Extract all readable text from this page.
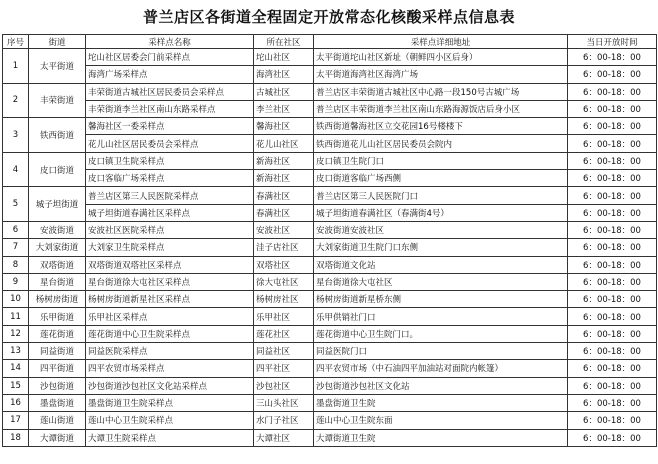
普兰店区各街道全程固定开放常态化核酸采样点信息表
序号	街道	采样点名称	所在社区	采样点详细地址	当日开放时间
1	太平街道	坨山社区居委会门前采样点	坨山社区	太平街道坨山社区新址（朝鲜四小区后身）	6：00-18：00
		海湾广场采样点	海湾社区	太平街道海湾社区海湾广场	6：00-18：00
2	丰荣街道	丰荣街道古城社区居民委员会采样点	古城社区	普兰店区丰荣街道古城社区中心路一段150号古城广场	6：00-18：00
		丰荣街道李兰社区南山东路采样点	李兰社区	普兰店区丰荣街道李兰社区南山东路海源饭店后身小区	6：00-18：00
3	铁西街道	馨海社区一委采样点	馨海社区	铁西街道馨海社区立交花园16号楼楼下	6：00-18：00
		花儿山社区居民委员会采样点	花儿山社区	铁西街道花儿山社区居民委员会院内	6：00-18：00
4	皮口街道	皮口镇卫生院采样点	新海社区	皮口镇卫生院门口	6：00-18：00
		皮口客临广场采样点	新海社区	皮口街道客临广场西侧	6：00-18：00
5	城子坦街道	普兰店区第三人民医院采样点	春满社区	普兰店区第三人民医院门口	6：00-18：00
		城子坦街道春满社区采样点	春满社区	城子坦街道春满社区（春满街4号）	6：00-18：00
6	安波街道	安波社区医院采样点	安波社区	安波街道安波社区	6：00-18：00
7	大刘家街道	大刘家卫生院采样点	洼子店社区	大刘家街道卫生院门口东侧	6：00-18：00
8	双塔街道	双塔街道双塔社区采样点	双塔社区	双塔街道文化站	6：00-18：00
9	星台街道	星台街道徐大屯社区采样点	徐大屯社区	星台街道徐大屯社区	6：00-18：00
10	杨树房街道	杨树房街道新星社区采样点	杨树房社区	杨树房街道新星桥东侧	6：00-18：00
11	乐甲街道	乐甲社区采样点	乐甲社区	乐甲供销社门口	6：00-18：00
12	莲花街道	莲花街道中心卫生院采样点	莲花社区	莲花街道中心卫生院门口。	6：00-18：00
13	同益街道	同益医院采样点	同益社区	同益医院门口	6：00-18：00
14	四平街道	四平农贸市场采样点	四平社区	四平农贸市场（中石油四平加油站对面院内帐篷）	6：00-18：00
15	沙包街道	沙包街道沙包社区文化站采样点	沙包社区	沙包街道沙包社区文化站	6：00-18：00
16	墨盘街道	墨盘街道卫生院采样点	三山头社区	墨盘街道卫生院	6：00-18：00
17	莲山街道	莲山中心卫生院采样点	水门子社区	莲山中心卫生院东面	6：00-18：00
18	大谭街道	大谭卫生院采样点	大谭社区	大谭街道卫生院	6：00-18：00
